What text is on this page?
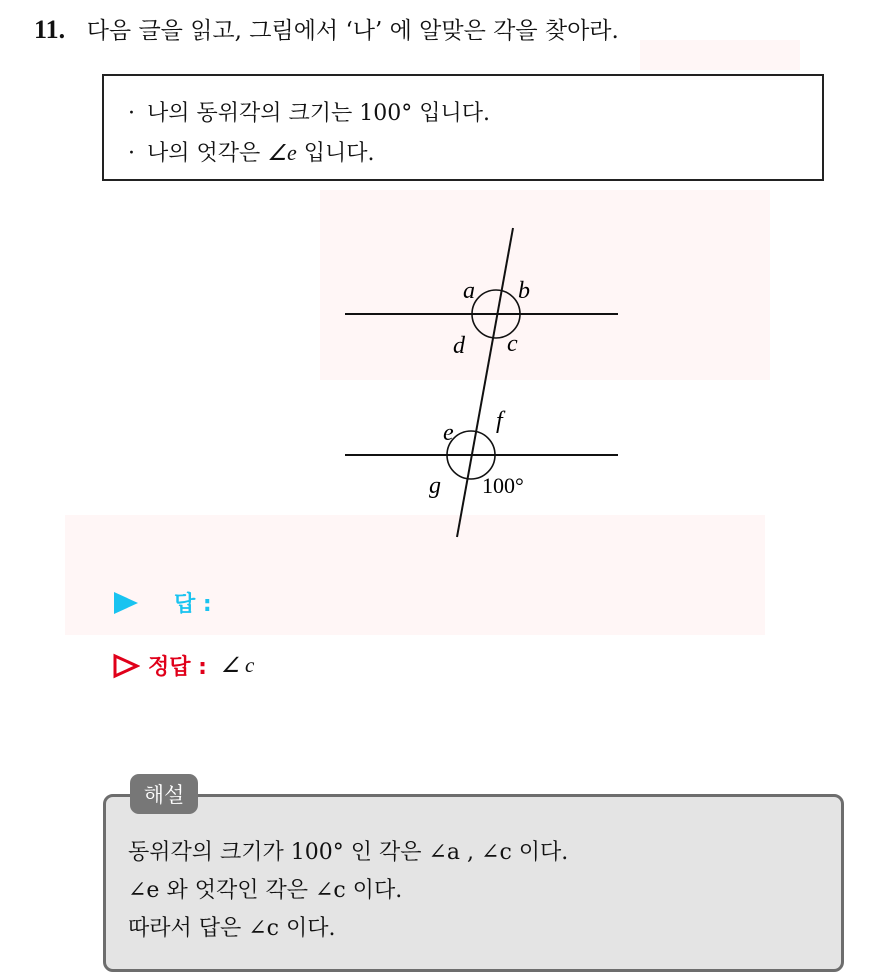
11. 다음 글을 읽고, 그림에서 ‘나’ 에 알맞은 각을 찾아라.
· 나의 동위각의 크기는 100° 입니다.
· 나의 엇각은 ∠e 입니다.
a b
d c
e f
g 100°
답 :
정답 : ∠ c
동위각의 크기가 100° 인 각은 ∠a , ∠c 이다.
∠e 와 엇각인 각은 ∠c 이다.
따라서 답은 ∠c 이다.
해설
